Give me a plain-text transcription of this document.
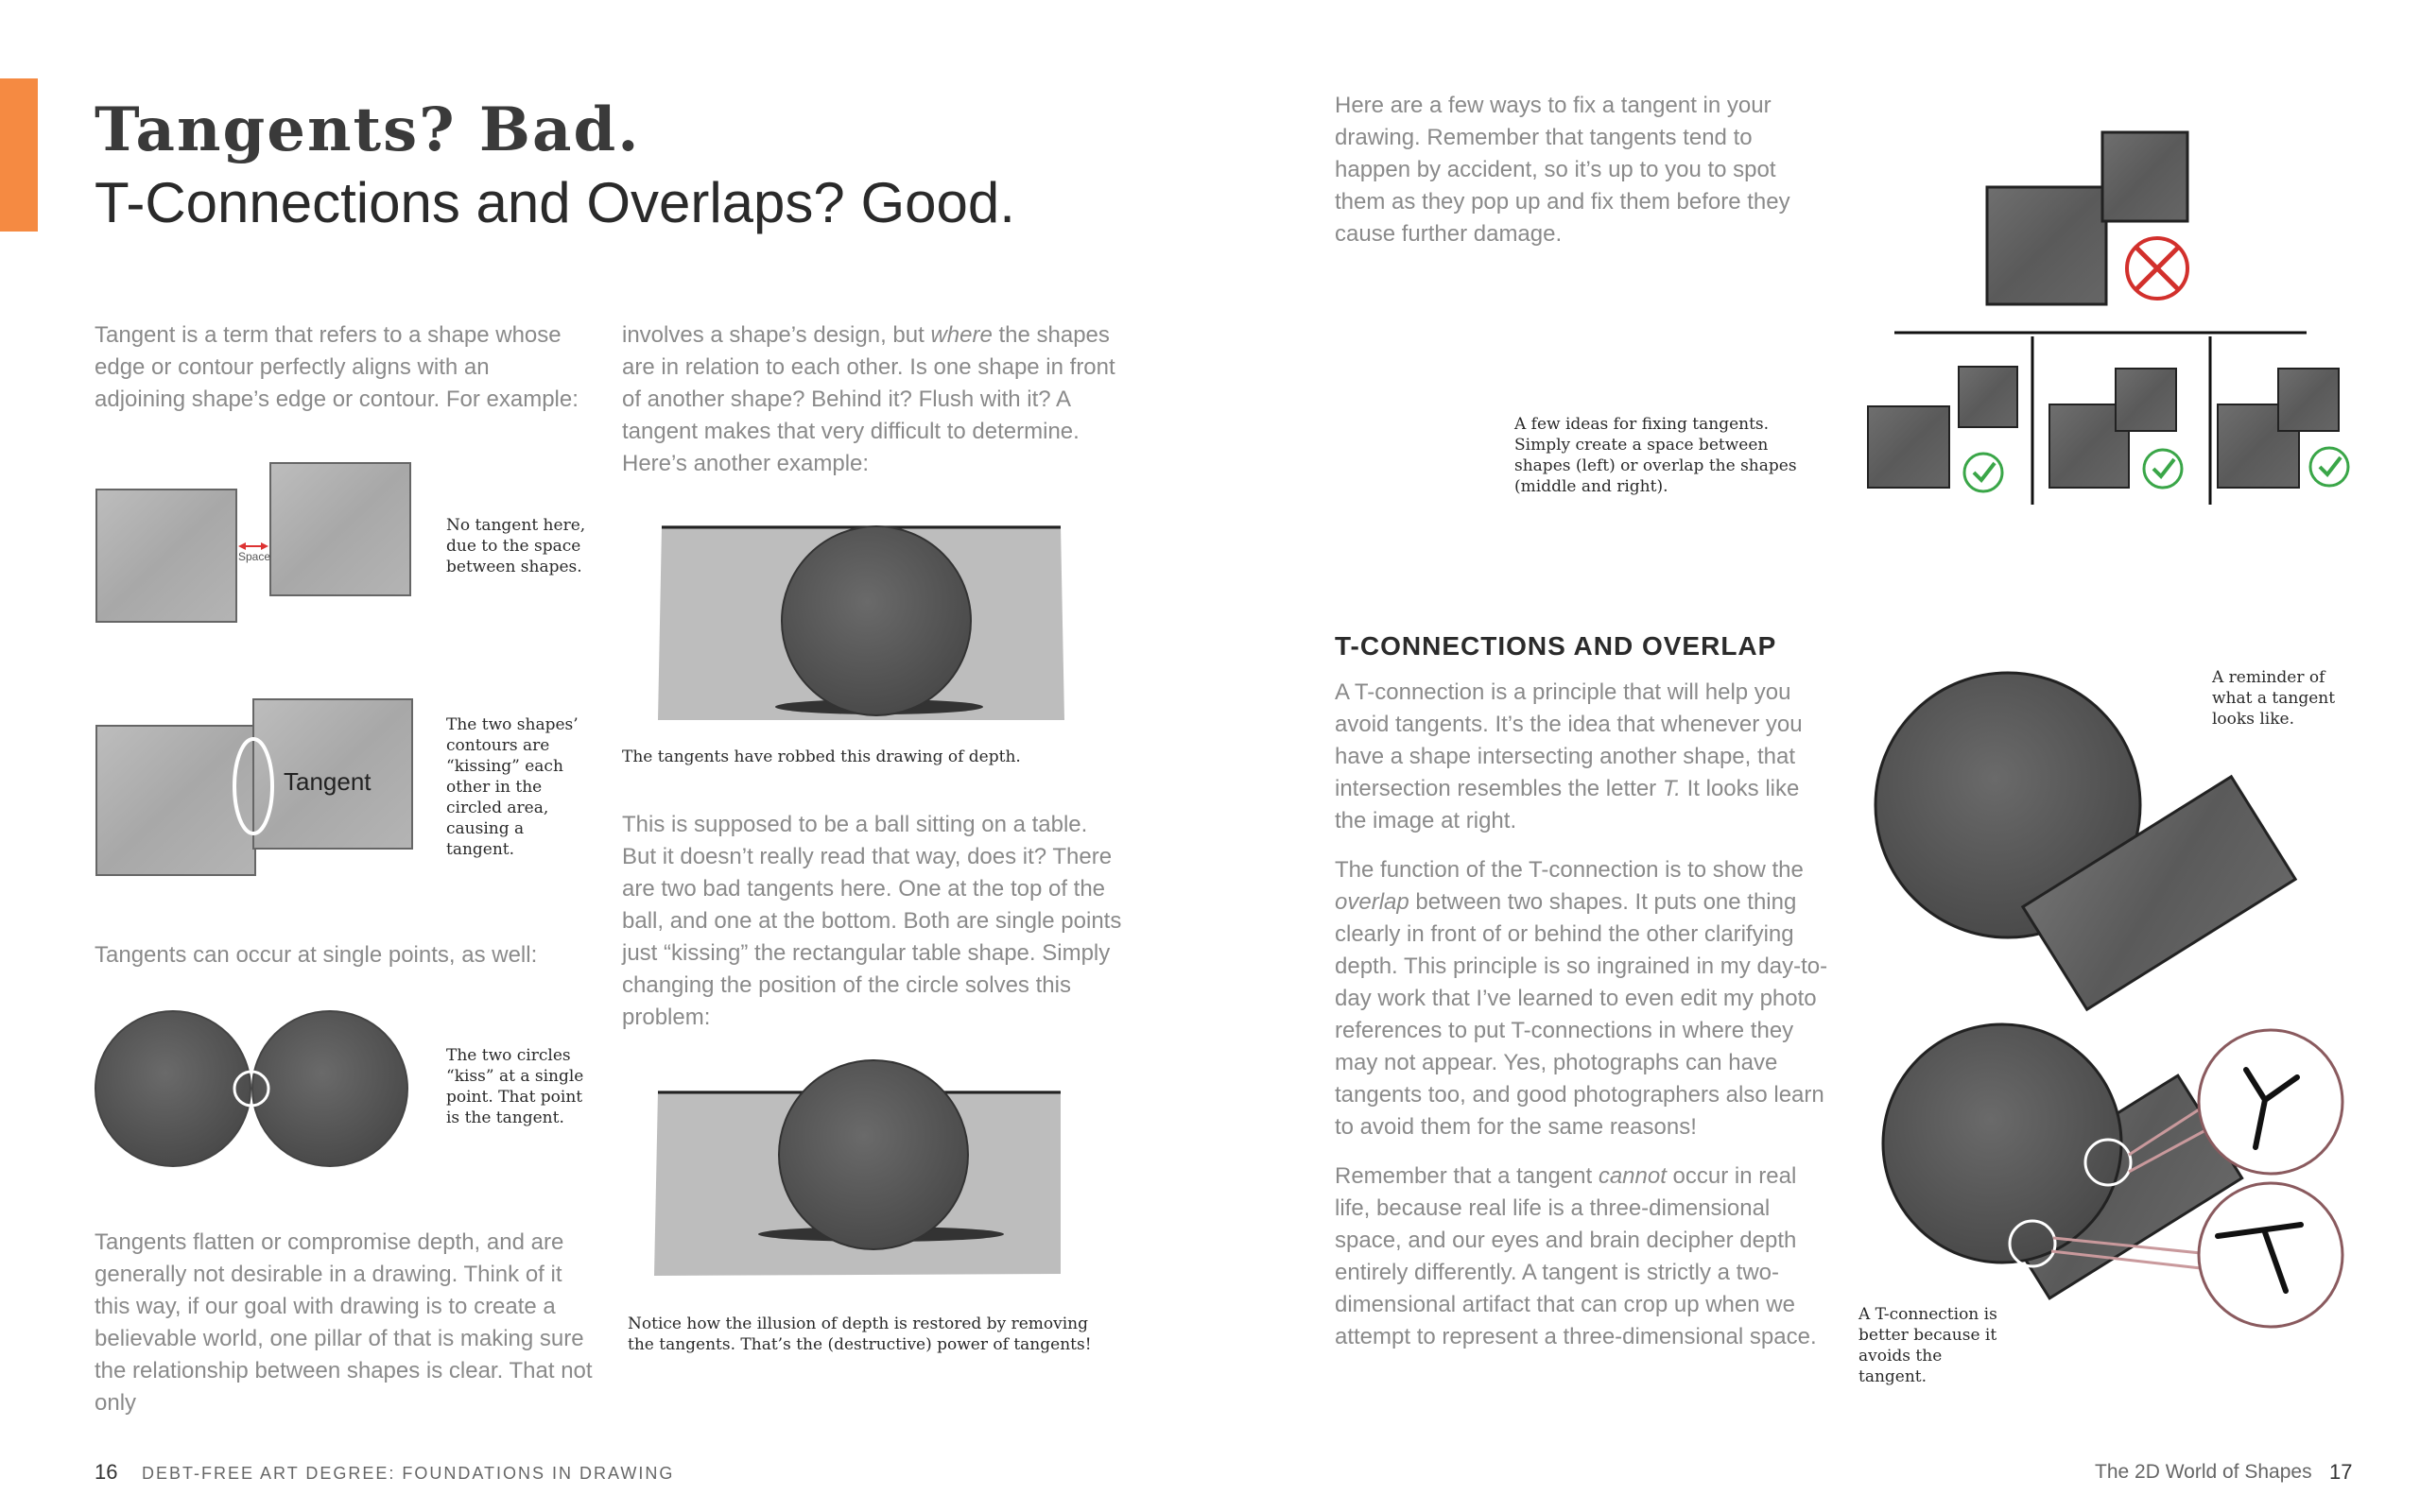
Tangents? Bad.
T-Connections and Overlaps? Good.

Tangent is a term that refers to a shape whose edge or contour perfectly aligns with an adjoining shape’s edge or contour. For example:

Space

No tangent here, due to the space between shapes.

Tangent

The two shapes’ contours are “kissing” each other in the circled area, causing a tangent.

Tangents can occur at single points, as well:

The two circles “kiss” at a single point. That point is the tangent.

Tangents flatten or compromise depth, and are generally not desirable in a drawing. Think of it this way, if our goal with drawing is to create a believable world, one pillar of that is making sure the relationship between shapes is clear. That not only

involves a shape’s design, but where the shapes are in relation to each other. Is one shape in front of another shape? Behind it? Flush with it? A tangent makes that very difficult to determine. Here’s another example:

The tangents have robbed this drawing of depth.

This is supposed to be a ball sitting on a table. But it doesn’t really read that way, does it? There are two bad tangents here. One at the top of the ball, and one at the bottom. Both are single points just “kissing” the rectangular table shape. Simply changing the position of the circle solves this problem:

Notice how the illusion of depth is restored by removing the tangents. That’s the (destructive) power of tangents!

16 DEBT-FREE ART DEGREE: FOUNDATIONS IN DRAWING

Here are a few ways to fix a tangent in your drawing. Remember that tangents tend to happen by accident, so it’s up to you to spot them as they pop up and fix them before they cause further damage.

A few ideas for fixing tangents. Simply create a space between shapes (left) or overlap the shapes (middle and right).

T-CONNECTIONS AND OVERLAP

A T-connection is a principle that will help you avoid tangents. It’s the idea that whenever you have a shape intersecting another shape, that intersection resembles the letter T. It looks like the image at right.

The function of the T-connection is to show the overlap between two shapes. It puts one thing clearly in front of or behind the other clarifying depth. This principle is so ingrained in my day-to-day work that I’ve learned to even edit my photo references to put T-connections in where they may not appear. Yes, photographs can have tangents too, and good photographers also learn to avoid them for the same reasons!

Remember that a tangent cannot occur in real life, because real life is a three-dimensional space, and our eyes and brain decipher depth entirely differently. A tangent is strictly a two-dimensional artifact that can crop up when we attempt to represent a three-dimensional space.

A reminder of what a tangent looks like.

A T-connection is better because it avoids the tangent.

The 2D World of Shapes 17
